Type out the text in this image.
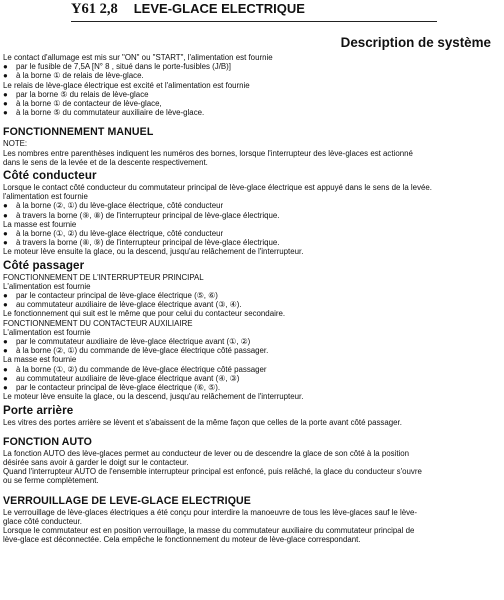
Y61 2,8 LEVE-GLACE ELECTRIQUE
Description de système
Le contact d'allumage est mis sur "ON" ou "START", l'alimentation est fournie
●	par le fusible de 7,5A [N° 8 , situé dans le porte-fusibles (J/B)]
●	à la borne ① de relais de lève-glace.
Le relais de lève-glace électrique est excité et l'alimentation est fournie
●	par la borne ⑤ du relais de lève-glace
●	à la borne ① de contacteur de lève-glace,
●	à la borne ⑤ du commutateur auxiliaire de lève-glace.
FONCTIONNEMENT MANUEL
NOTE:
Les nombres entre parenthèses indiquent les numéros des bornes, lorsque l'interrupteur des lève-glaces est actionné
dans le sens de la levée et de la descente respectivement.
Côté conducteur
Lorsque le contact côté conducteur du commutateur principal de lève-glace électrique est appuyé dans le sens de la levée.
l'alimentation est fournie
●	à la borne (②, ①) du lève-glace électrique, côté conducteur
●	à travers la borne (⑨, ⑧) de l'interrupteur principal de lève-glace électrique.
La masse est fournie
●	à la borne (①, ②) du lève-glace électrique, côté conducteur
●	à travers la borne (⑧, ⑨) de l'interrupteur principal de lève-glace électrique.
Le moteur lève ensuite la glace, ou la descend, jusqu'au relâchement de l'interrupteur.
Côté passager
FONCTIONNEMENT DE L'INTERRUPTEUR PRINCIPAL
L'alimentation est fournie
●	par le contacteur principal de lève-glace électrique (⑤, ⑥)
●	au commutateur auxiliaire de lève-glace électrique avant (③, ④).
Le fonctionnement qui suit est le même que pour celui du contacteur secondaire.
FONCTIONNEMENT DU CONTACTEUR AUXILIAIRE
L'alimentation est fournie
●	par le commutateur auxiliaire de lève-glace électrique avant (①, ②)
●	à la borne (②, ①) du commande de lève-glace électrique côté passager.
La masse est fournie
●	à la borne (①, ②) du commande de lève-glace électrique côté passager
●	au commutateur auxiliaire de lève-glace électrique avant (④, ③)
●	par le contacteur principal de lève-glace électrique (⑥, ⑤).
Le moteur lève ensuite la glace, ou la descend, jusqu'au relâchement de l'interrupteur.
Porte arrière
Les vitres des portes arrière se lèvent et s'abaissent de la même façon que celles de la porte avant côté passager.
FONCTION AUTO
La fonction AUTO des lève-glaces permet au conducteur de lever ou de descendre la glace de son côté à la position
désirée sans avoir à garder le doigt sur le contacteur.
Quand l'interrupteur AUTO de l'ensemble interrupteur principal est enfoncé, puis relâché, la glace du conducteur s'ouvre
ou se ferme complètement.
VERROUILLAGE DE LEVE-GLACE ELECTRIQUE
Le verrouillage de lève-glaces électriques a été conçu pour interdire la manoeuvre de tous les lève-glaces sauf le lève-
glace côté conducteur.
Lorsque le commutateur est en position verrouillage, la masse du commutateur auxiliaire du commutateur principal de
lève-glace est déconnectée. Cela empêche le fonctionnement du moteur de lève-glace correspondant.
